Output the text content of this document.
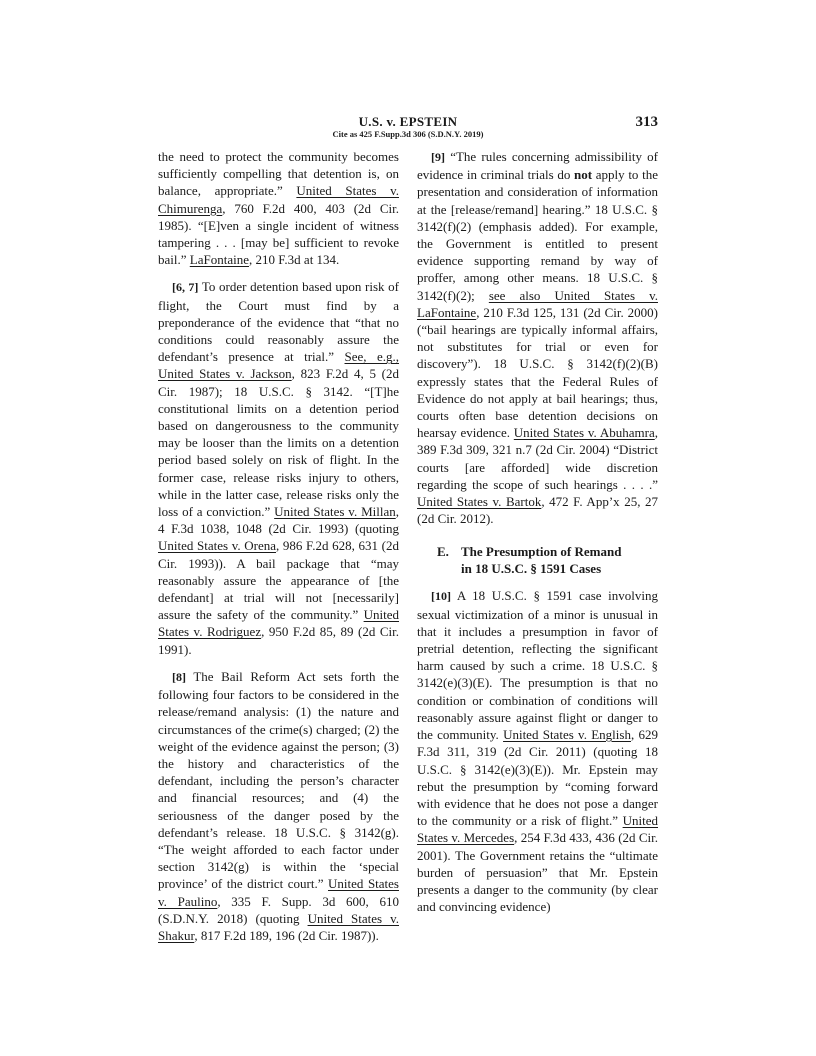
U.S. v. EPSTEIN
Cite as 425 F.Supp.3d 306 (S.D.N.Y. 2019)
313

the need to protect the community becomes sufficiently compelling that detention is, on balance, appropriate.” United States v. Chimurenga, 760 F.2d 400, 403 (2d Cir. 1985). “[E]ven a single incident of witness tampering . . . [may be] sufficient to revoke bail.” LaFontaine, 210 F.3d at 134.

[6, 7] To order detention based upon risk of flight, the Court must find by a preponderance of the evidence that “that no conditions could reasonably assure the defendant’s presence at trial.” See, e.g., United States v. Jackson, 823 F.2d 4, 5 (2d Cir. 1987); 18 U.S.C. § 3142. “[T]he constitutional limits on a detention period based on dangerousness to the community may be looser than the limits on a detention period based solely on risk of flight. In the former case, release risks injury to others, while in the latter case, release risks only the loss of a conviction.” United States v. Millan, 4 F.3d 1038, 1048 (2d Cir. 1993) (quoting United States v. Orena, 986 F.2d 628, 631 (2d Cir. 1993)). A bail package that “may reasonably assure the appearance of [the defendant] at trial will not [necessarily] assure the safety of the community.” United States v. Rodriguez, 950 F.2d 85, 89 (2d Cir. 1991).

[8] The Bail Reform Act sets forth the following four factors to be considered in the release/remand analysis: (1) the nature and circumstances of the crime(s) charged; (2) the weight of the evidence against the person; (3) the history and characteristics of the defendant, including the person’s character and financial resources; and (4) the seriousness of the danger posed by the defendant’s release. 18 U.S.C. § 3142(g). “The weight afforded to each factor under section 3142(g) is within the ‘special province’ of the district court.” United States v. Paulino, 335 F. Supp. 3d 600, 610 (S.D.N.Y. 2018) (quoting United States v. Shakur, 817 F.2d 189, 196 (2d Cir. 1987)).

[9] “The rules concerning admissibility of evidence in criminal trials do not apply to the presentation and consideration of information at the [release/remand] hearing.” 18 U.S.C. § 3142(f)(2) (emphasis added). For example, the Government is entitled to present evidence supporting remand by way of proffer, among other means. 18 U.S.C. § 3142(f)(2); see also United States v. LaFontaine, 210 F.3d 125, 131 (2d Cir. 2000) (“bail hearings are typically informal affairs, not substitutes for trial or even for discovery”). 18 U.S.C. § 3142(f)(2)(B) expressly states that the Federal Rules of Evidence do not apply at bail hearings; thus, courts often base detention decisions on hearsay evidence. United States v. Abuhamra, 389 F.3d 309, 321 n.7 (2d Cir. 2004) “District courts [are afforded] wide discretion regarding the scope of such hearings . . . .” United States v. Bartok, 472 F. App’x 25, 27 (2d Cir. 2012).

E. The Presumption of Remand
in 18 U.S.C. § 1591 Cases

[10] A 18 U.S.C. § 1591 case involving sexual victimization of a minor is unusual in that it includes a presumption in favor of pretrial detention, reflecting the significant harm caused by such a crime. 18 U.S.C. § 3142(e)(3)(E). The presumption is that no condition or combination of conditions will reasonably assure against flight or danger to the community. United States v. English, 629 F.3d 311, 319 (2d Cir. 2011) (quoting 18 U.S.C. § 3142(e)(3)(E)). Mr. Epstein may rebut the presumption by “coming forward with evidence that he does not pose a danger to the community or a risk of flight.” United States v. Mercedes, 254 F.3d 433, 436 (2d Cir. 2001). The Government retains the “ultimate burden of persuasion” that Mr. Epstein presents a danger to the community (by clear and convincing evidence)
